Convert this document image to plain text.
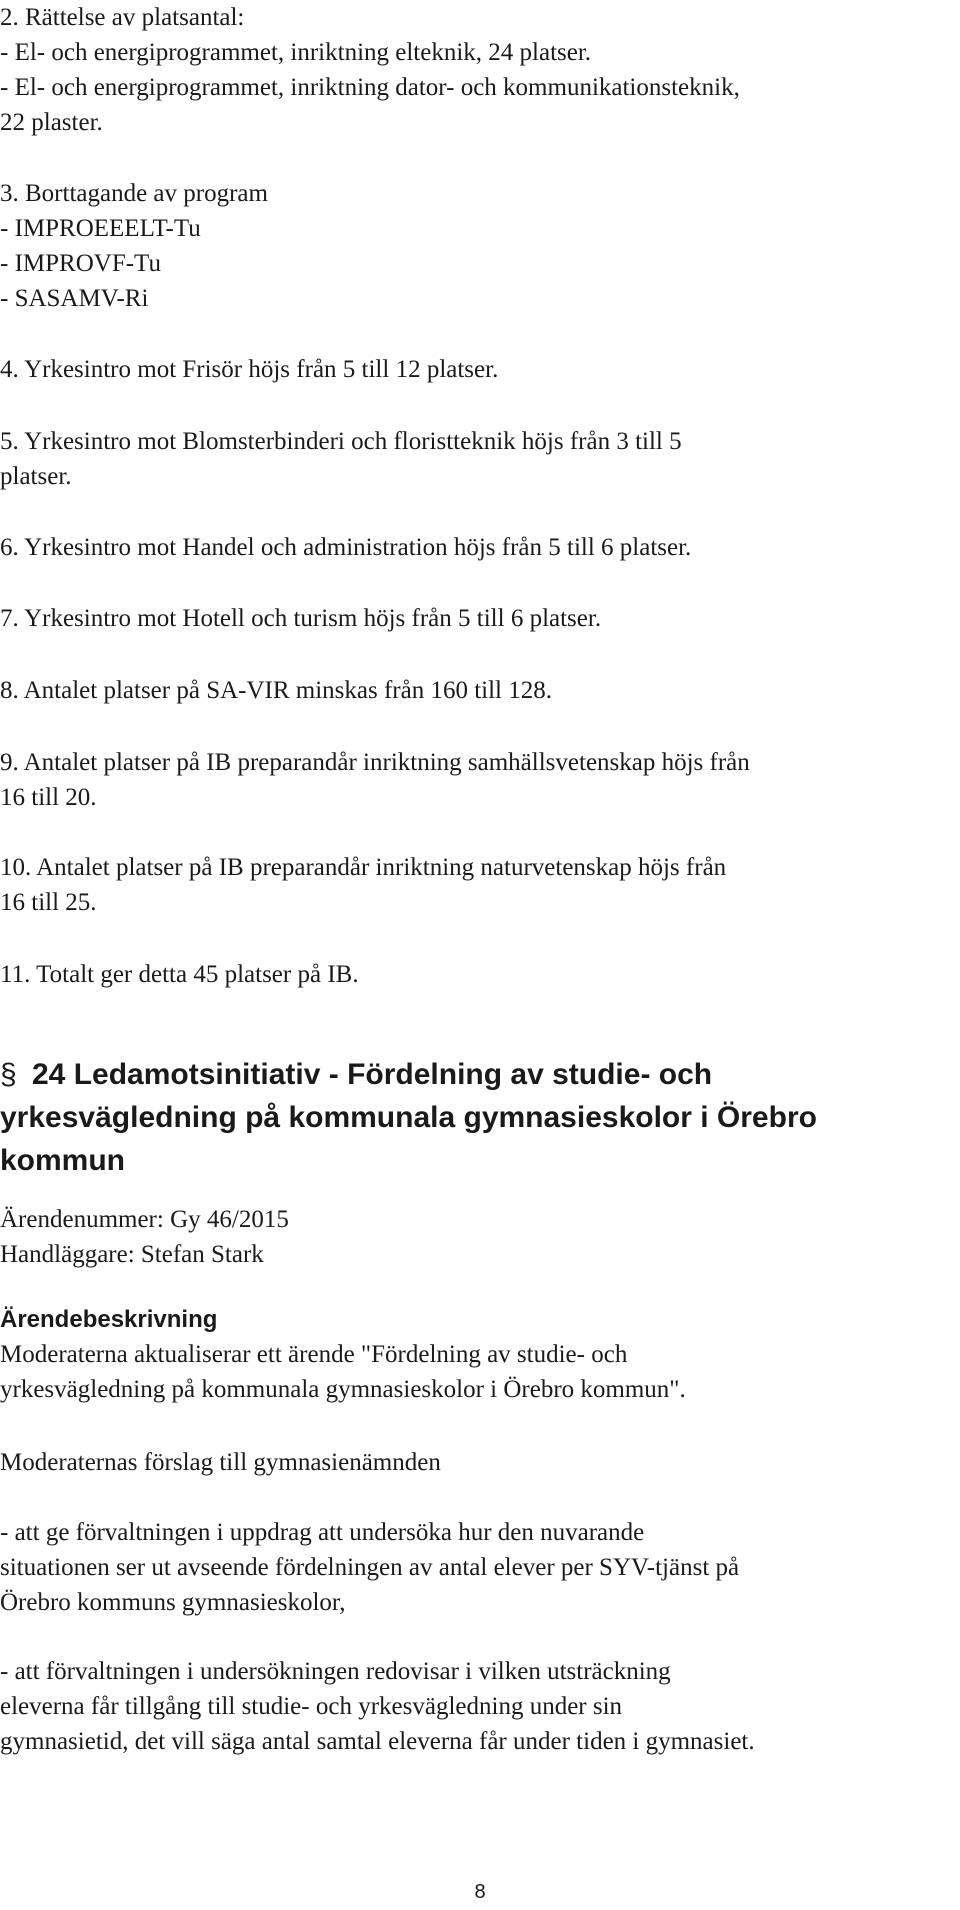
2. Rättelse av platsantal:
- El- och energiprogrammet, inriktning elteknik, 24 platser.
- El- och energiprogrammet, inriktning dator- och kommunikationsteknik,
22 plaster.
3. Borttagande av program
- IMPROEEELT-Tu
- IMPROVF-Tu
- SASAMV-Ri
4. Yrkesintro mot Frisör höjs från 5 till 12 platser.
5. Yrkesintro mot Blomsterbinderi och floristteknik höjs från 3 till 5
platser.
6. Yrkesintro mot Handel och administration höjs från 5 till 6 platser.
7. Yrkesintro mot Hotell och turism höjs från 5 till 6 platser.
8. Antalet platser på SA-VIR minskas från 160 till 128.
9. Antalet platser på IB preparandår inriktning samhällsvetenskap höjs från
16 till 20.
10. Antalet platser på IB preparandår inriktning naturvetenskap höjs från
16 till 25.
11. Totalt ger detta 45 platser på IB.
§ 24 Ledamotsinitiativ - Fördelning av studie- och
yrkesvägledning på kommunala gymnasieskolor i Örebro
kommun
Ärendenummer: Gy 46/2015
Handläggare: Stefan Stark
Ärendebeskrivning
Moderaterna aktualiserar ett ärende "Fördelning av studie- och
yrkesvägledning på kommunala gymnasieskolor i Örebro kommun".
Moderaternas förslag till gymnasienämnden
- att ge förvaltningen i uppdrag att undersöka hur den nuvarande
situationen ser ut avseende fördelningen av antal elever per SYV-tjänst på
Örebro kommuns gymnasieskolor,
- att förvaltningen i undersökningen redovisar i vilken utsträckning
eleverna får tillgång till studie- och yrkesvägledning under sin
gymnasietid, det vill säga antal samtal eleverna får under tiden i gymnasiet.
8
